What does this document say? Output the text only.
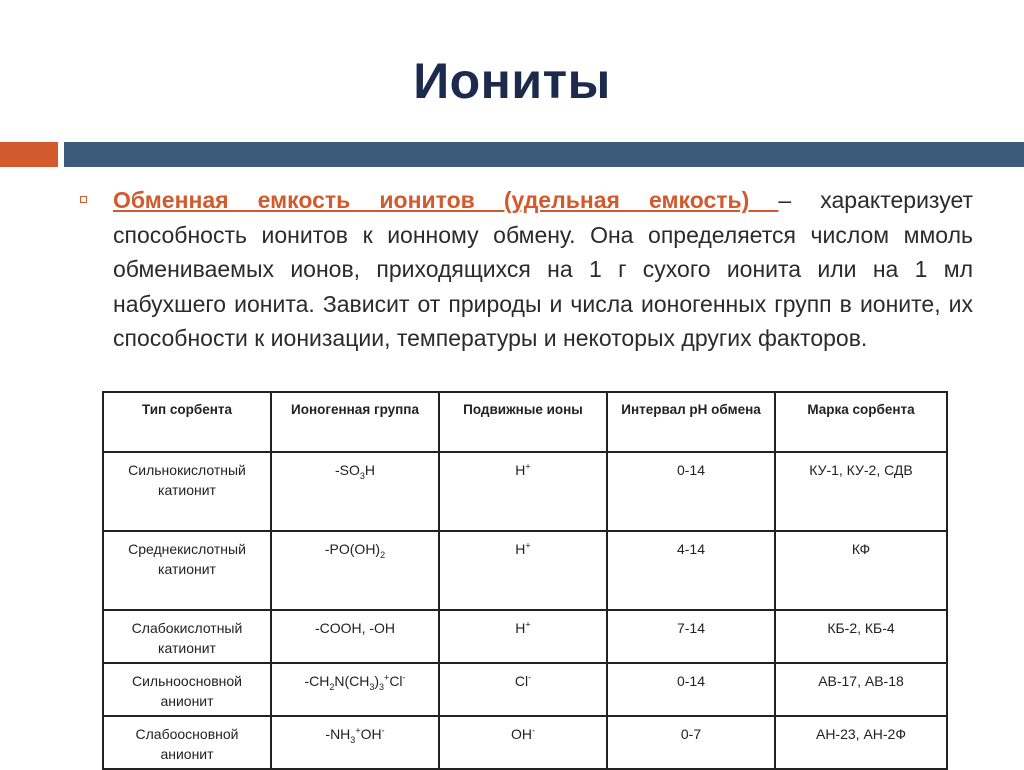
Иониты
Обменная емкость ионитов (удельная емкость) – характеризует способность ионитов к ионному обмену. Она определяется числом ммоль обмениваемых ионов, приходящихся на 1 г сухого ионита или на 1 мл набухшего ионита. Зависит от природы и числа ионогенных групп в ионите, их способности к ионизации, температуры и некоторых других факторов.
Тип сорбента	Ионогенная группа	Подвижные ионы	Интервал pH обмена	Марка сорбента
Сильнокислотный катионит	$-SO_3H$	H+	0-14	КУ-1, КУ-2, СДВ
Среднекислотный катионит	$-PO(OH)_2$	H+	4-14	КФ
Слабокислотный катионит	-COOH, -OH	H+	7-14	КБ-2, КБ-4
Сильноосновной анионит	$-CH_2N(CH_3)_3^+Cl^-$	Cl-	0-14	АВ-17, АВ-18
Слабоосновной анионит	$-NH_3^+OH^-$	OH-	0-7	АН-23, АН-2Ф
